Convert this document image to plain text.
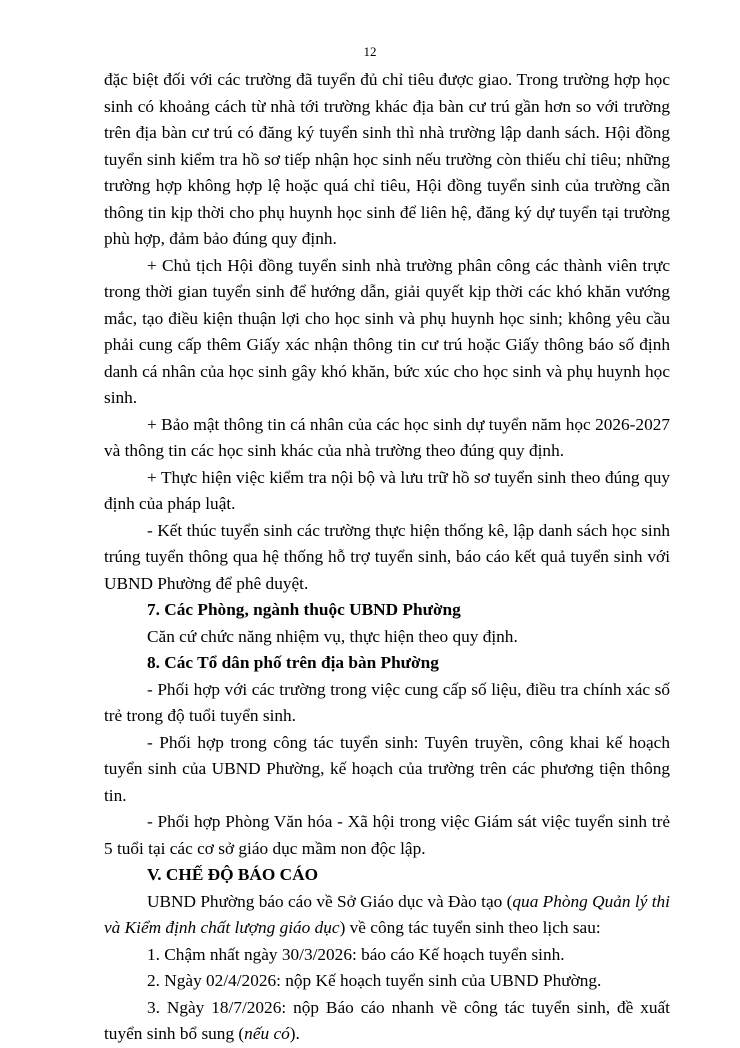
12

đặc biệt đối với các trường đã tuyển đủ chỉ tiêu được giao. Trong trường hợp học sinh có khoảng cách từ nhà tới trường khác địa bàn cư trú gần hơn so với trường trên địa bàn cư trú có đăng ký tuyển sinh thì nhà trường lập danh sách. Hội đồng tuyển sinh kiểm tra hồ sơ tiếp nhận học sinh nếu trường còn thiếu chỉ tiêu; những trường hợp không hợp lệ hoặc quá chỉ tiêu, Hội đồng tuyển sinh của trường cần thông tin kịp thời cho phụ huynh học sinh để liên hệ, đăng ký dự tuyển tại trường phù hợp, đảm bảo đúng quy định.

+ Chủ tịch Hội đồng tuyển sinh nhà trường phân công các thành viên trực trong thời gian tuyển sinh để hướng dẫn, giải quyết kịp thời các khó khăn vướng mắc, tạo điều kiện thuận lợi cho học sinh và phụ huynh học sinh; không yêu cầu phải cung cấp thêm Giấy xác nhận thông tin cư trú hoặc Giấy thông báo số định danh cá nhân của học sinh gây khó khăn, bức xúc cho học sinh và phụ huynh học sinh.

+ Bảo mật thông tin cá nhân của các học sinh dự tuyển năm học 2026-2027 và thông tin các học sinh khác của nhà trường theo đúng quy định.

+ Thực hiện việc kiểm tra nội bộ và lưu trữ hồ sơ tuyển sinh theo đúng quy định của pháp luật.

- Kết thúc tuyển sinh các trường thực hiện thống kê, lập danh sách học sinh trúng tuyển thông qua hệ thống hỗ trợ tuyển sinh, báo cáo kết quả tuyển sinh với UBND Phường để phê duyệt.

7. Các Phòng, ngành thuộc UBND Phường

Căn cứ chức năng nhiệm vụ, thực hiện theo quy định.

8. Các Tổ dân phố trên địa bàn Phường

- Phối hợp với các trường trong việc cung cấp số liệu, điều tra chính xác số trẻ trong độ tuổi tuyển sinh.

- Phối hợp trong công tác tuyển sinh: Tuyên truyền, công khai kế hoạch tuyển sinh của UBND Phường, kế hoạch của trường trên các phương tiện thông tin.

- Phối hợp Phòng Văn hóa - Xã hội trong việc Giám sát việc tuyển sinh trẻ 5 tuổi tại các cơ sở giáo dục mầm non độc lập.

V. CHẾ ĐỘ BÁO CÁO

UBND Phường báo cáo về Sở Giáo dục và Đào tạo (qua Phòng Quản lý thi và Kiểm định chất lượng giáo dục) về công tác tuyển sinh theo lịch sau:

1. Chậm nhất ngày 30/3/2026: báo cáo Kế hoạch tuyển sinh.

2. Ngày 02/4/2026: nộp Kế hoạch tuyển sinh của UBND Phường.

3. Ngày 18/7/2026: nộp Báo cáo nhanh về công tác tuyển sinh, đề xuất tuyển sinh bổ sung (nếu có).
